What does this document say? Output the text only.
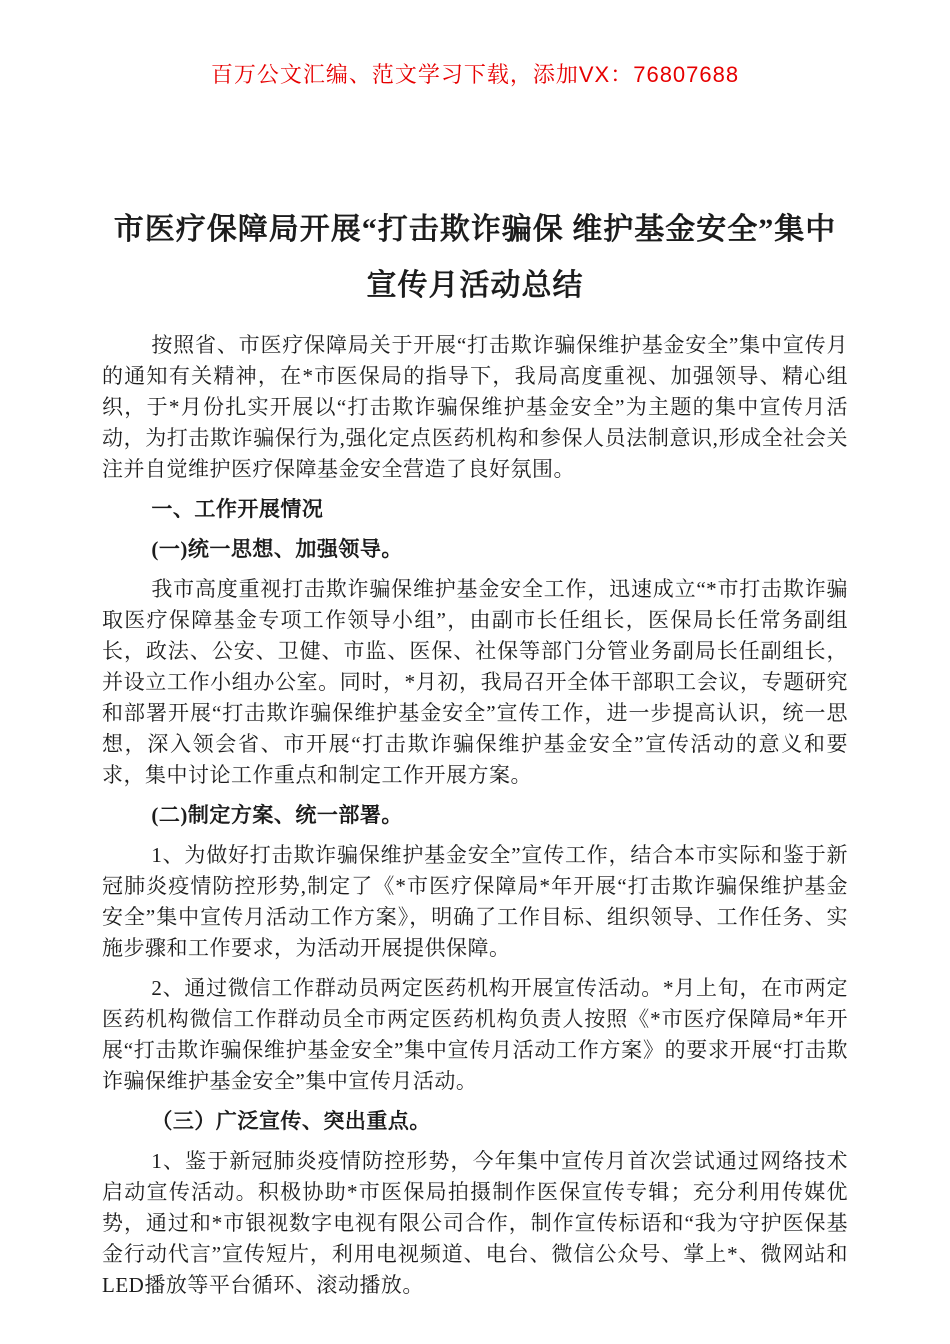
百万公文汇编、范文学习下载，添加VX：76807688
市医疗保障局开展“打击欺诈骗保 维护基金安全”集中宣传月活动总结

按照省、市医疗保障局关于开展“打击欺诈骗保维护基金安全”集中宣传月的通知有关精神，在*市医保局的指导下，我局高度重视、加强领导、精心组织，于*月份扎实开展以“打击欺诈骗保维护基金安全”为主题的集中宣传月活动，为打击欺诈骗保行为,强化定点医药机构和参保人员法制意识,形成全社会关注并自觉维护医疗保障基金安全营造了良好氛围。

一、工作开展情况
(一)统一思想、加强领导。

我市高度重视打击欺诈骗保维护基金安全工作，迅速成立“*市打击欺诈骗取医疗保障基金专项工作领导小组”，由副市长任组长，医保局长任常务副组长，政法、公安、卫健、市监、医保、社保等部门分管业务副局长任副组长，并设立工作小组办公室。同时，*月初，我局召开全体干部职工会议，专题研究和部署开展“打击欺诈骗保维护基金安全”宣传工作，进一步提高认识，统一思想，深入领会省、市开展“打击欺诈骗保维护基金安全”宣传活动的意义和要求，集中讨论工作重点和制定工作开展方案。

(二)制定方案、统一部署。

1、为做好打击欺诈骗保维护基金安全”宣传工作，结合本市实际和鉴于新冠肺炎疫情防控形势,制定了《*市医疗保障局*年开展“打击欺诈骗保维护基金安全”集中宣传月活动工作方案》，明确了工作目标、组织领导、工作任务、实施步骤和工作要求，为活动开展提供保障。

2、通过微信工作群动员两定医药机构开展宣传活动。*月上旬，在市两定医药机构微信工作群动员全市两定医药机构负责人按照《*市医疗保障局*年开展“打击欺诈骗保维护基金安全”集中宣传月活动工作方案》的要求开展“打击欺诈骗保维护基金安全”集中宣传月活动。

（三）广泛宣传、突出重点。

1、鉴于新冠肺炎疫情防控形势，今年集中宣传月首次尝试通过网络技术启动宣传活动。积极协助*市医保局拍摄制作医保宣传专辑；充分利用传媒优势，通过和*市银视数字电视有限公司合作，制作宣传标语和“我为守护医保基金行动代言”宣传短片，利用电视频道、电台、微信公众号、掌上*、微网站和LED播放等平台循环、滚动播放。
